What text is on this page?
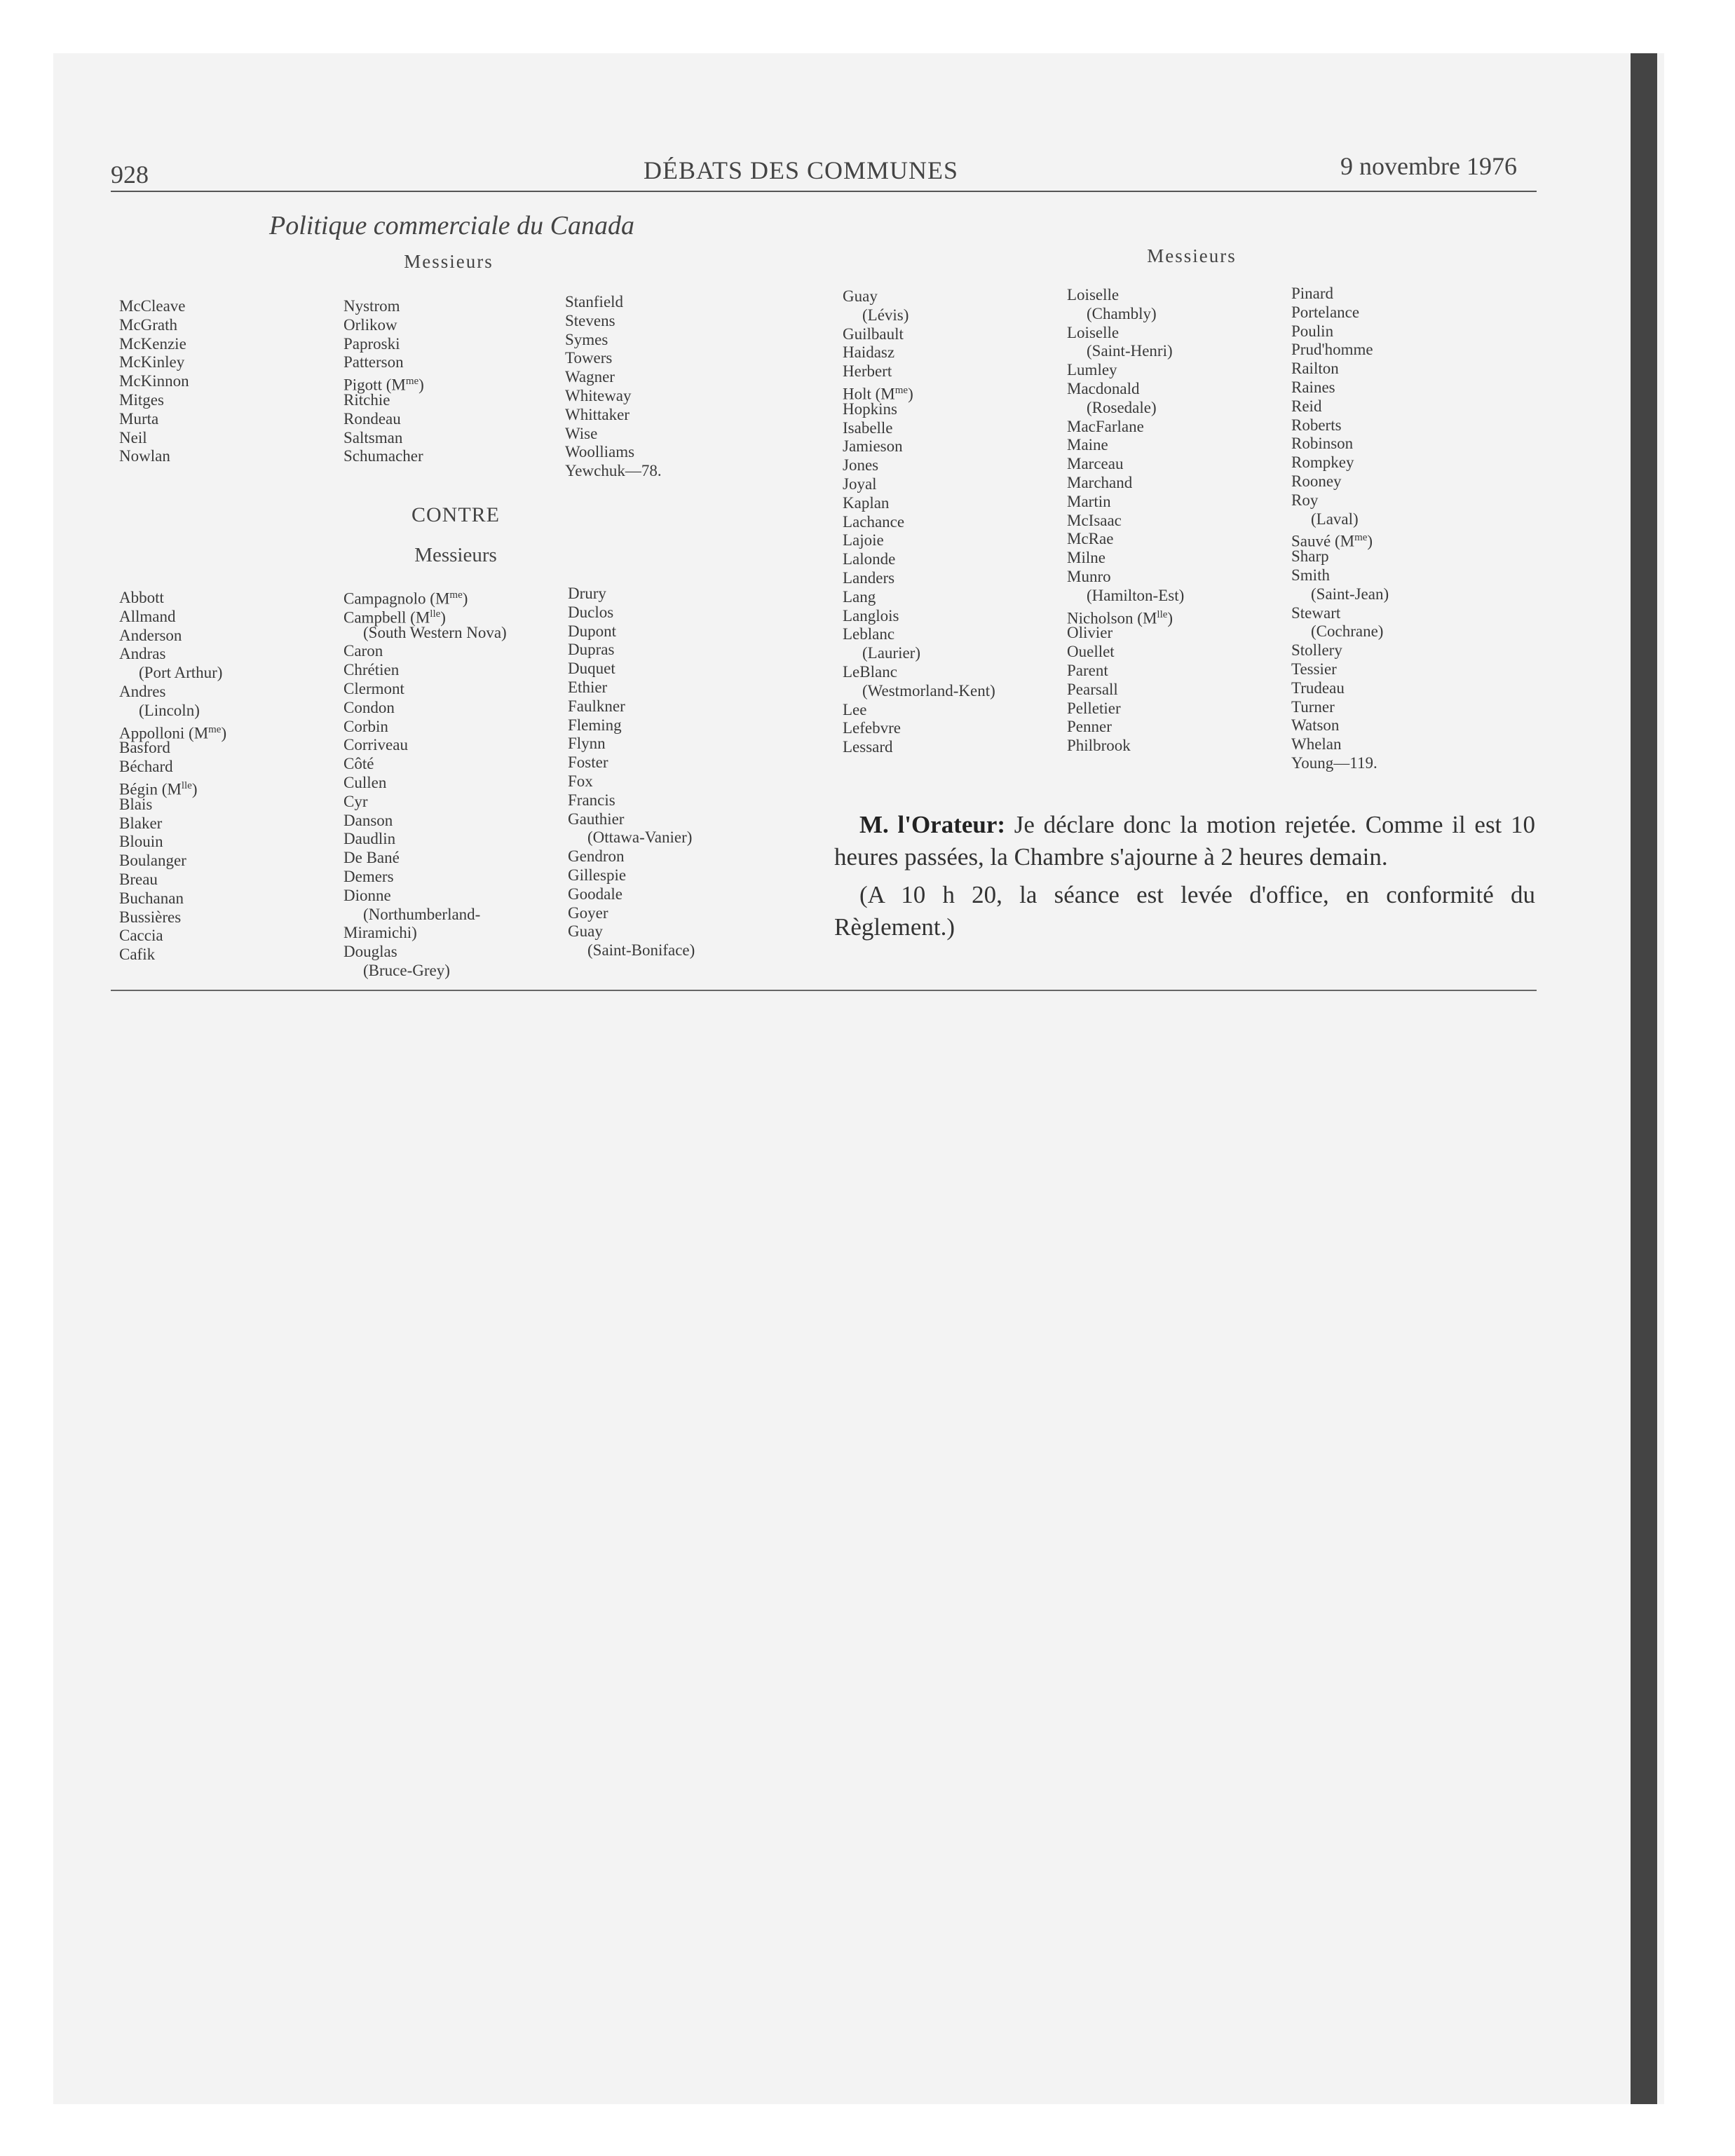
928	DÉBATS DES COMMUNES	9 novembre 1976
Politique commerciale du Canada
Messieurs
McCleave
McGrath
McKenzie
McKinley
McKinnon
Mitges
Murta
Neil
Nowlan
Nystrom
Orlikow
Paproski
Patterson
Pigott $(M^{me})$
Ritchie
Rondeau
Saltsman
Schumacher
Stanfield
Stevens
Symes
Towers
Wagner
Whiteway
Whittaker
Wise
Woolliams
Yewchuk—78.
CONTRE
Messieurs
Abbott
Allmand
Anderson
Andras
(Port Arthur)
Andres
(Lincoln)
Appolloni $(M^{me})$
Basford
Béchard
Bégin $(M^{lle})$
Blais
Blaker
Blouin
Boulanger
Breau
Buchanan
Bussières
Caccia
Cafik
Campagnolo $(M^{me})$
Campbell $(M^{lle})$
(South Western Nova)
Caron
Chrétien
Clermont
Condon
Corbin
Corriveau
Côté
Cullen
Cyr
Danson
Daudlin
De Bané
Demers
Dionne
(Northumberland-
Miramichi)
Douglas
(Bruce-Grey)
Drury
Duclos
Dupont
Dupras
Duquet
Ethier
Faulkner
Fleming
Flynn
Foster
Fox
Francis
Gauthier
(Ottawa-Vanier)
Gendron
Gillespie
Goodale
Goyer
Guay
(Saint-Boniface)
Messieurs
Guay
(Lévis)
Guilbault
Haidasz
Herbert
Holt $(M^{me})$
Hopkins
Isabelle
Jamieson
Jones
Joyal
Kaplan
Lachance
Lajoie
Lalonde
Landers
Lang
Langlois
Leblanc
(Laurier)
LeBlanc
(Westmorland-Kent)
Lee
Lefebvre
Lessard
Loiselle
(Chambly)
Loiselle
(Saint-Henri)
Lumley
Macdonald
(Rosedale)
MacFarlane
Maine
Marceau
Marchand
Martin
McIsaac
McRae
Milne
Munro
(Hamilton-Est)
Nicholson $(M^{lle})$
Olivier
Ouellet
Parent
Pearsall
Pelletier
Penner
Philbrook
Pinard
Portelance
Poulin
Prud'homme
Railton
Raines
Reid
Roberts
Robinson
Rompkey
Rooney
Roy
(Laval)
Sauvé $(M^{me})$
Sharp
Smith
(Saint-Jean)
Stewart
(Cochrane)
Stollery
Tessier
Trudeau
Turner
Watson
Whelan
Young—119.

M. l'Orateur: Je déclare donc la motion rejetée. Comme il est 10 heures passées, la Chambre s'ajourne à 2 heures demain.

(A 10 h 20, la séance est levée d'office, en conformité du Règlement.)
